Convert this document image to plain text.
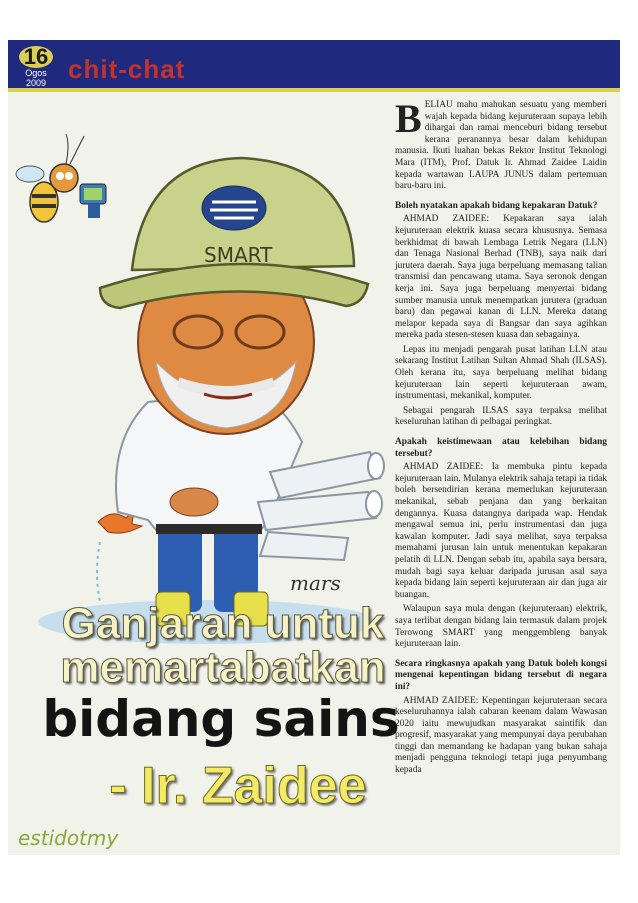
16
Ogos 2009 chit-chat
SMART
mars
Ganjaran untuk
memartabatkan
bidang sains
- Ir. Zaidee
estidotmy

BELIAU mahu mahukan sesuatu yang memberi wajah kepada bidang kejuruteraan supaya lebih dihargai dan ramai menceburi bidang tersebut kerana peranannya besar dalam kehidupan manusia. Ikuti luahan bekas Rektor Institut Teknologi Mara (ITM), Prof. Datuk Ir. Ahmad Zaidee Laidin kepada wartawan LAUPA JUNUS dalam pertemuan baru-baru ini.

Boleh nyatakan apakah bidang kepakaran Datuk?

AHMAD ZAIDEE: Kepakaran saya ialah kejuruteraan elektrik kuasa secara khususnya. Semasa berkhidmat di bawah Lembaga Letrik Negara (LLN) dan Tenaga Nasional Berhad (TNB), saya naik dari jurutera daerah. Saya juga berpeluang memasang talian transmisi dan pencawang utama. Saya seronok dengan kerja ini. Saya juga berpeluang menyertai bidang sumber manusia untuk menempatkan jurutera (graduan baru) dan pegawai kanan di LLN. Mereka datang melapor kepada saya di Bangsar dan saya agihkan mereka pada stesen-stesen kuasa dan sebagainya.

Lepas itu menjadi pengarah pusat latihan LLN atau sekarang Institut Latihan Sultan Ahmad Shah (ILSAS). Oleh kerana itu, saya berpeluang melihat bidang kejuruteraan lain seperti kejuruteraan awam, instrumentasi, mekanikal, komputer.

Sebagai pengarah ILSAS saya terpaksa melihat keseluruhan latihan di pelbagai peringkat.

Apakah keistimewaan atau kelebihan bidang tersebut?

AHMAD ZAIDEE: Ia membuka pintu kepada kejuruteraan lain. Mulanya elektrik sahaja tetapi ia tidak boleh bersendirian kerana memerlukan kejuruteraan mekanikal, sebab penjana dan yang berkaitan dengannya. Kuasa datangnya daripada wap. Hendak mengawal semua ini, perlu instrumentasi dan juga kawalan komputer. Jadi saya melihat, saya terpaksa memahami jurusan lain untuk menentukan kepakaran pelatih di LLN. Dengan sebab itu, apabila saya bersara, mudah bagi saya keluar daripada jurusan asal saya kepada bidang lain seperti kejuruteraan air dan juga air buangan.

Walaupun saya mula dengan (kejuruteraan) elektrik, saya terlibat dengan bidang lain termasuk dalam projek Terowong SMART yang menggembleng banyak kejuruteraan lain.

Secara ringkasnya apakah yang Datuk boleh kongsi mengenai kepentingan bidang tersebut di negara ini?

AHMAD ZAIDEE: Kepentingan kejuruteraan secara keseluruhannya ialah cabaran keenam dalam Wawasan 2020 iaitu mewujudkan masyarakat saintifik dan progresif, masyarakat yang mempunyai daya perubahan tinggi dan memandang ke hadapan yang bukan sahaja menjadi pengguna teknologi tetapi juga penyumbang kepada
